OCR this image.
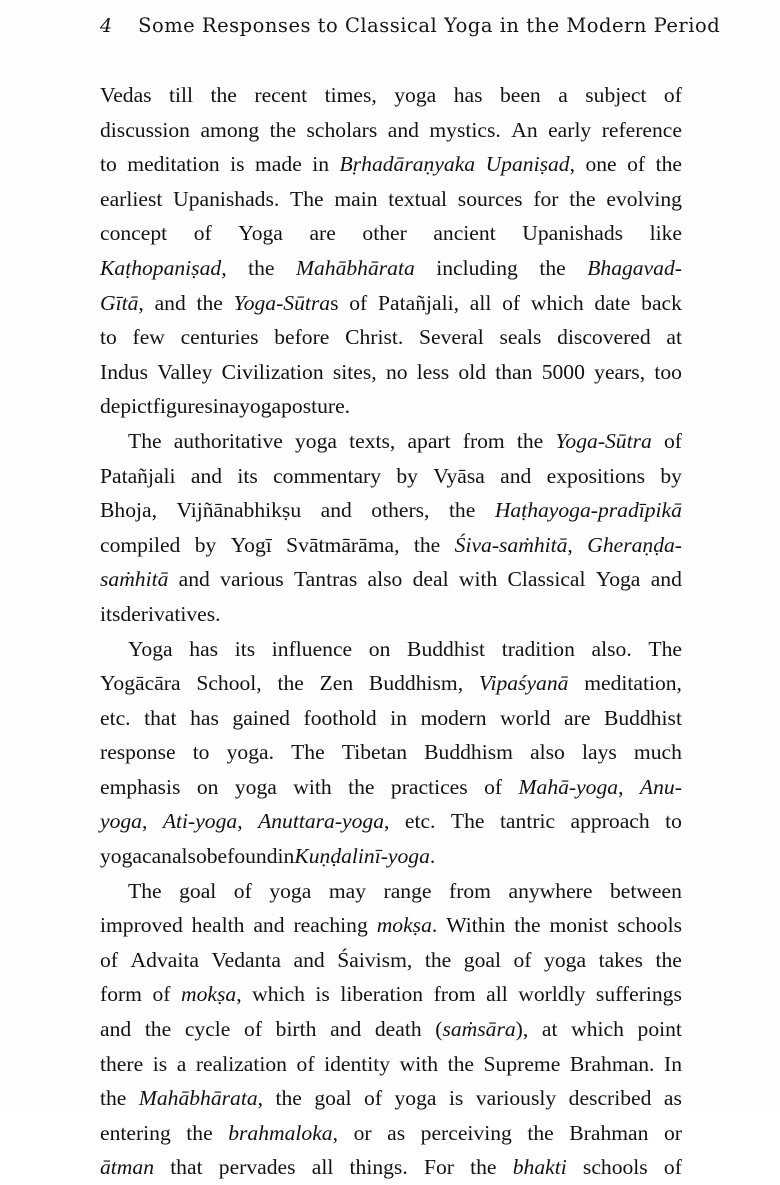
4 Some Responses to Classical Yoga in the Modern Period
Vedas till the recent times, yoga has been a subject of
discussion among the scholars and mystics. An early reference
to meditation is made in Bṛhadāraṇyaka Upaniṣad, one of the
earliest Upanishads. The main textual sources for the evolving
concept of Yoga are other ancient Upanishads like
Kaṭhopaniṣad, the Mahābhārata including the Bhagavad-
Gītā, and the Yoga-Sūtras of Patañjali, all of which date back
to few centuries before Christ. Several seals discovered at
Indus Valley Civilization sites, no less old than 5000 years, too
depict figures in a yoga posture.
The authoritative yoga texts, apart from the Yoga-Sūtra of
Patañjali and its commentary by Vyāsa and expositions by
Bhoja, Vijñānabhikṣu and others, the Haṭhayoga-pradīpikā
compiled by Yogī Svātmārāma, the Śiva-saṁhitā, Gheraṇḍa-
saṁhitā and various Tantras also deal with Classical Yoga and
its derivatives.
Yoga has its influence on Buddhist tradition also. The
Yogācāra School, the Zen Buddhism, Vipaśyanā meditation,
etc. that has gained foothold in modern world are Buddhist
response to yoga. The Tibetan Buddhism also lays much
emphasis on yoga with the practices of Mahā-yoga, Anu-
yoga, Ati-yoga, Anuttara-yoga, etc. The tantric approach to
yoga can also be found in Kuṇḍalinī-yoga.
The goal of yoga may range from anywhere between
improved health and reaching mokṣa. Within the monist schools
of Advaita Vedanta and Śaivism, the goal of yoga takes the
form of mokṣa, which is liberation from all worldly sufferings
and the cycle of birth and death (saṁsāra), at which point
there is a realization of identity with the Supreme Brahman. In
the Mahābhārata, the goal of yoga is variously described as
entering the brahmaloka, or as perceiving the Brahman or
ātman that pervades all things. For the bhakti schools of
